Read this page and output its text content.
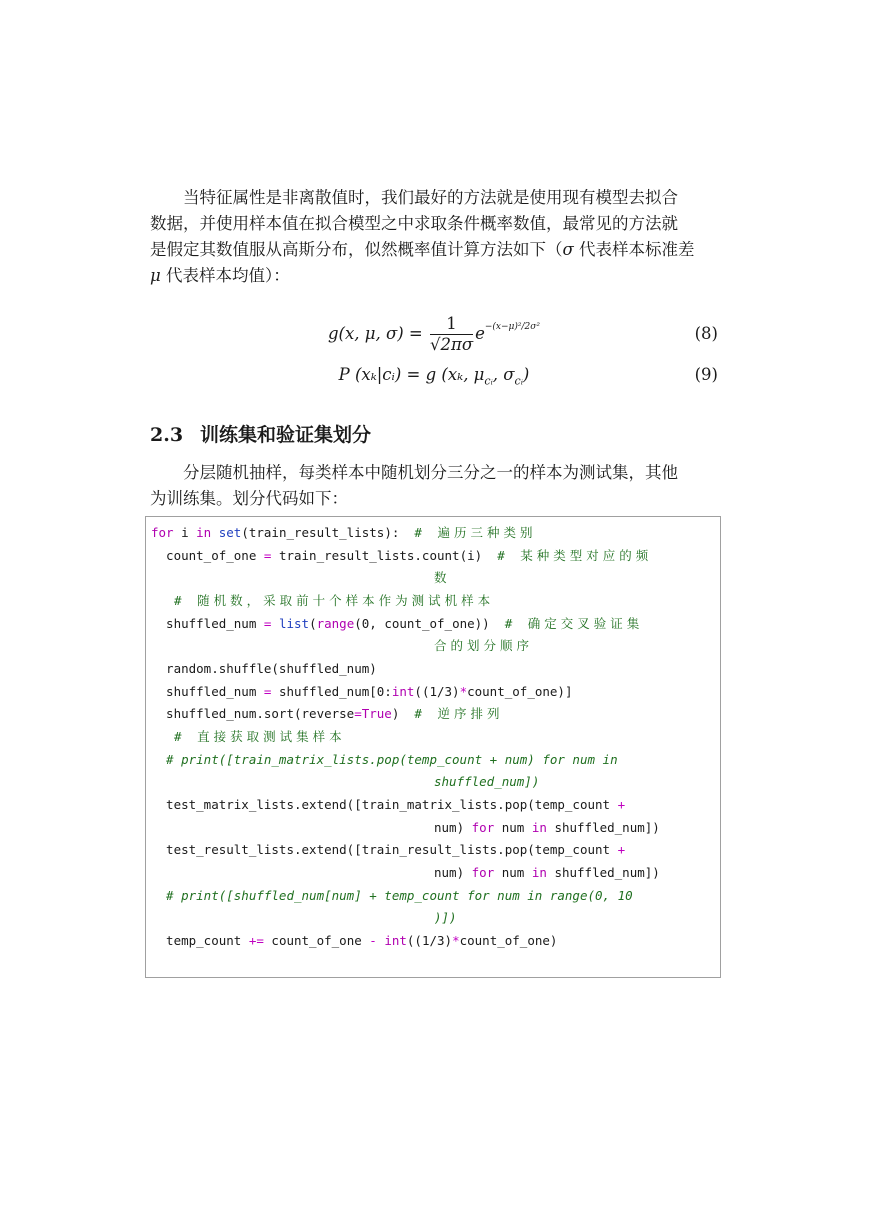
当特征属性是非离散值时，我们最好的方法就是使用现有模型去拟合
数据，并使用样本值在拟合模型之中求取条件概率数值，最常见的方法就
是假定其数值服从高斯分布，似然概率值计算方法如下（σ 代表样本标准差
μ 代表样本均值）：
g(x, μ, $\sigma) = \frac{1}{√2\pi\sigma} e^{-(x-\mu)^2/2\sigma^2}$	(8)
P (xₖ|cᵢ) = g (xₖ, $\mu_{cᵢ}$, $\sigma_{cᵢ}$)	(9)
2.3 训练集和验证集划分
分层随机抽样，每类样本中随机划分三分之一的样本为测试集，其他
为训练集。划分代码如下：
for i in set(train_result_lists):  # 遍历三种类别
count_of_one = train_result_lists.count(i)  # 某种类型对应的频
数
# 随机数，采取前十个样本作为测试机样本
shuffled_num = list(range(0, count_of_one))  # 确定交叉验证集
合的划分顺序
random.shuffle(shuffled_num)
shuffled_num = shuffled_num[0:int((1/3)*count_of_one)]
shuffled_num.sort(reverse=True)  # 逆序排列
# 直接获取测试集样本
# print([train_matrix_lists.pop(temp_count + num) for num in
shuffled_num])
test_matrix_lists.extend([train_matrix_lists.pop(temp_count +
num) for num in shuffled_num])
test_result_lists.extend([train_result_lists.pop(temp_count +
num) for num in shuffled_num])
# print([shuffled_num[num] + temp_count for num in range(0, 10
)])
temp_count += count_of_one - int((1/3)*count_of_one)
